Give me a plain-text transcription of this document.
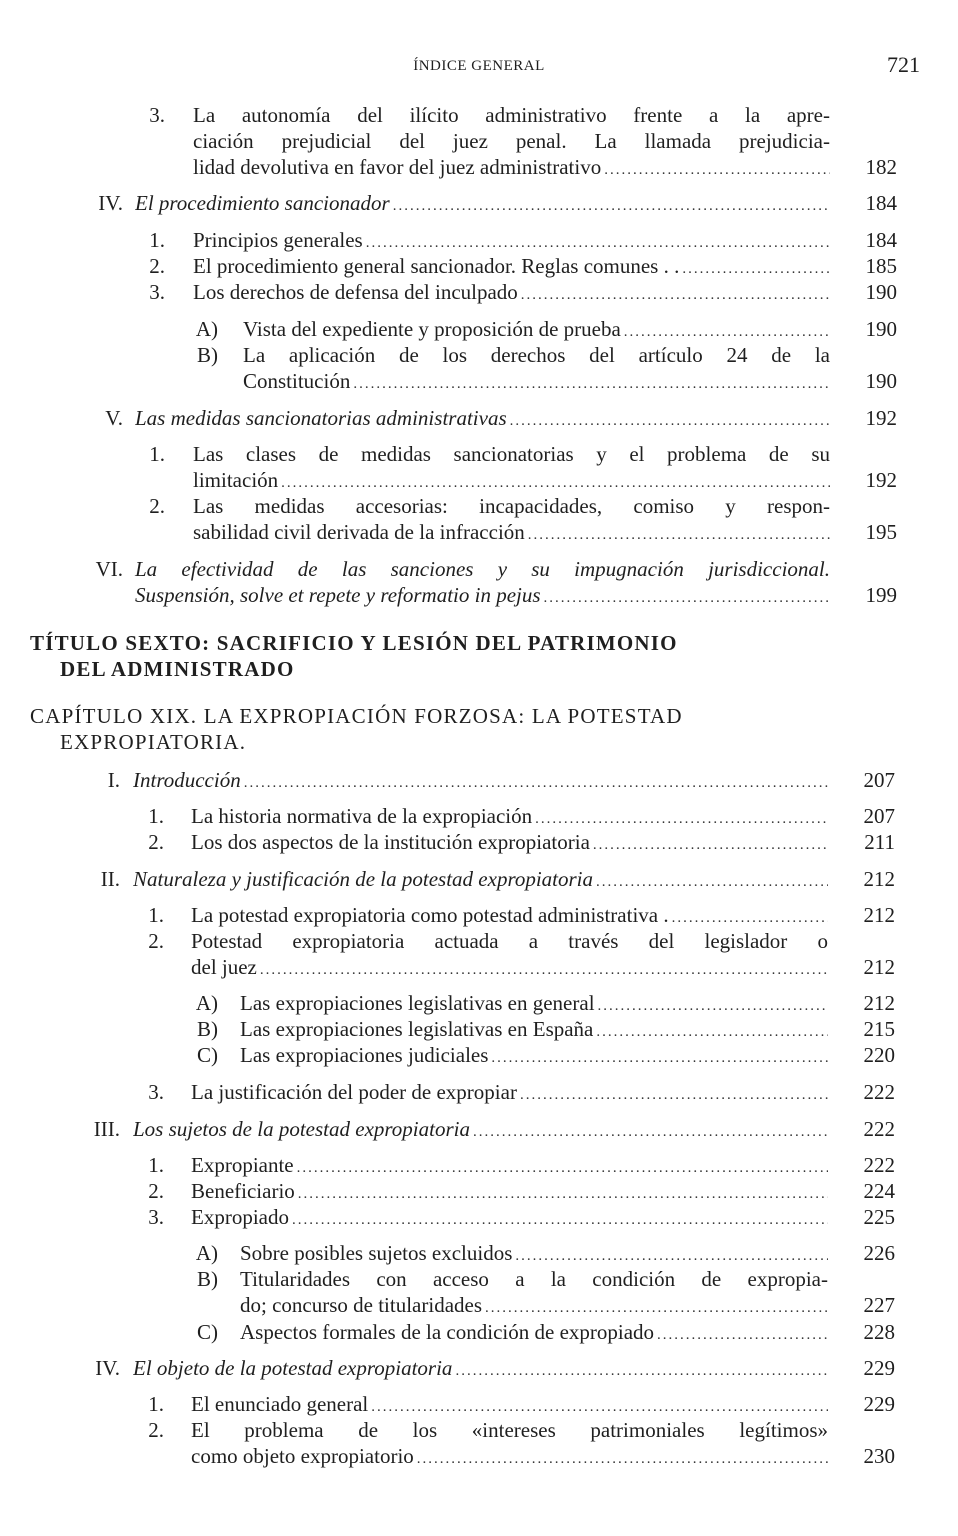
ÍNDICE GENERAL	721
TÍTULO SEXTO: SACRIFICIO Y LESIÓN DEL PATRIMONIO
DEL ADMINISTRADO
CAPÍTULO XIX. LA EXPROPIACIÓN FORZOSA: LA POTESTAD
EXPROPIATORIA.
3. La autonomía del ilícito administrativo frente a la apre-
ciación prejudicial del juez penal. La llamada prejudicia-
lidad devolutiva en favor del juez administrativo .....	182
IV. El procedimiento sancionador .....	184
1. Principios generales .....	184
2. El procedimiento general sancionador. Reglas comunes . . .....	185
3. Los derechos de defensa del inculpado .....	190
A) Vista del expediente y proposición de prueba .....	190
B) La aplicación de los derechos del artículo 24 de la
Constitución .....	190
V. Las medidas sancionatorias administrativas .....	192
1. Las clases de medidas sancionatorias y el problema de su
limitación .....	192
2. Las medidas accesorias: incapacidades, comiso y respon-
sabilidad civil derivada de la infracción .....	195
VI. La efectividad de las sanciones y su impugnación jurisdiccional.
Suspensión, solve et repete y reformatio in pejus .....	199
I. Introducción .....	207
1. La historia normativa de la expropiación .....	207
2. Los dos aspectos de la institución expropiatoria .....	211
II. Naturaleza y justificación de la potestad expropiatoria .....	212
1. La potestad expropiatoria como potestad administrativa . .....	212
2. Potestad expropiatoria actuada a través del legislador o
del juez .....	212
A) Las expropiaciones legislativas en general .....	212
B) Las expropiaciones legislativas en España .....	215
C) Las expropiaciones judiciales .....	220
3. La justificación del poder de expropiar .....	222
III. Los sujetos de la potestad expropiatoria .....	222
1. Expropiante .....	222
2. Beneficiario .....	224
3. Expropiado .....	225
A) Sobre posibles sujetos excluidos .....	226
B) Titularidades con acceso a la condición de expropia-
do; concurso de titularidades .....	227
C) Aspectos formales de la condición de expropiado .....	228
IV. El objeto de la potestad expropiatoria .....	229
1. El enunciado general .....	229
2. El problema de los «intereses patrimoniales legítimos»
como objeto expropiatorio .....	230
